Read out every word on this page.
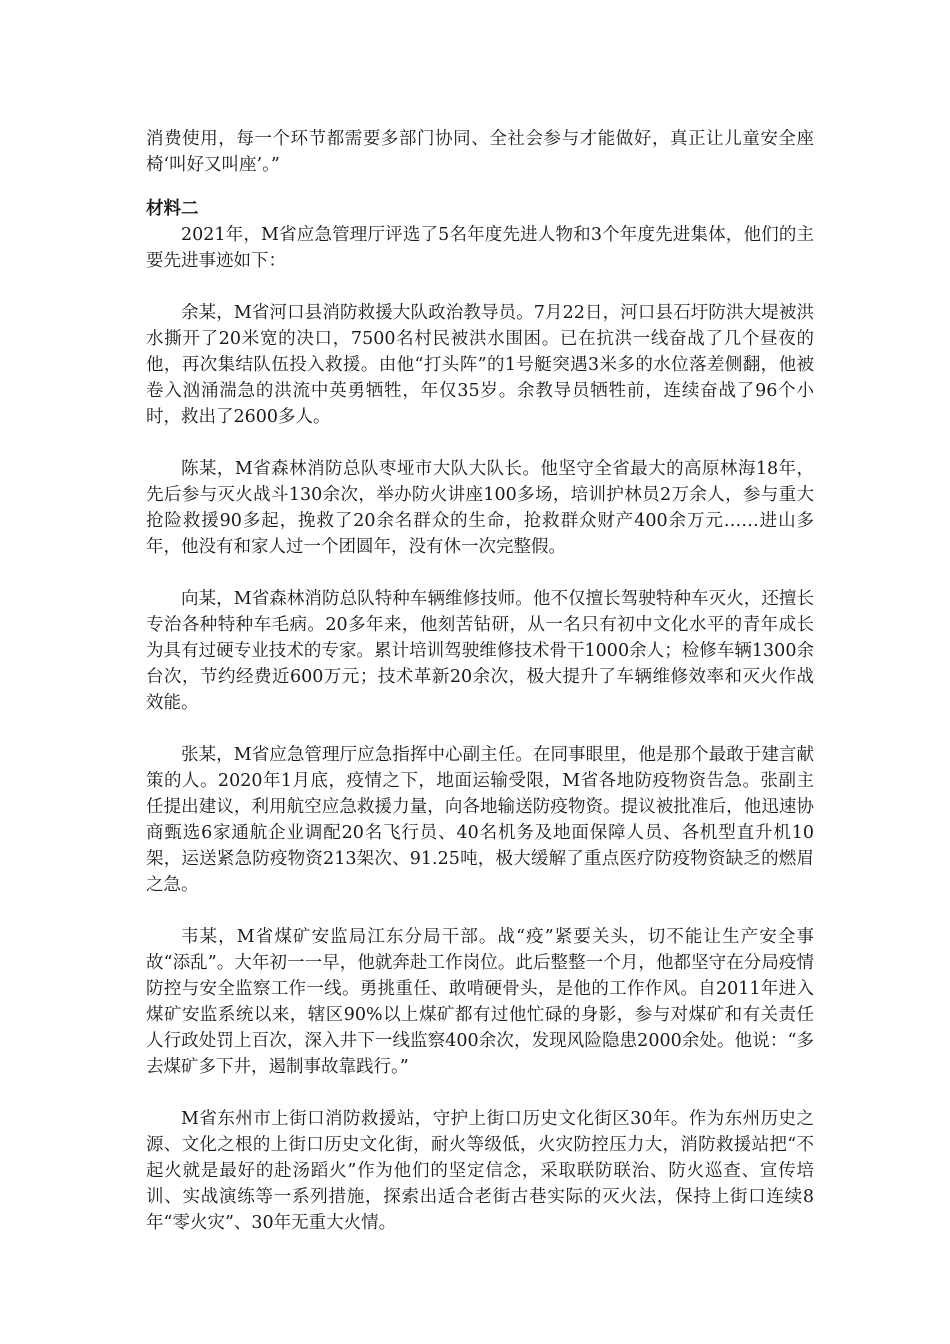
消费使用，每一个环节都需要多部门协同、全社会参与才能做好，真正让儿童安全座椅‘叫好又叫座’。”

材料二

2021年，M省应急管理厅评选了5名年度先进人物和3个年度先进集体，他们的主要先进事迹如下：

余某，M省河口县消防救援大队政治教导员。7月22日，河口县石圩防洪大堤被洪水撕开了20米宽的决口，7500名村民被洪水围困。已在抗洪一线奋战了几个昼夜的他，再次集结队伍投入救援。由他“打头阵”的1号艇突遇3米多的水位落差侧翻，他被卷入汹涌湍急的洪流中英勇牺牲，年仅35岁。余教导员牺牲前，连续奋战了96个小时，救出了2600多人。

陈某，M省森林消防总队枣垭市大队大队长。他坚守全省最大的高原林海18年，先后参与灭火战斗130余次，举办防火讲座100多场，培训护林员2万余人，参与重大抢险救援90多起，挽救了20余名群众的生命，抢救群众财产400余万元……进山多年，他没有和家人过一个团圆年，没有休一次完整假。

向某，M省森林消防总队特种车辆维修技师。他不仅擅长驾驶特种车灭火，还擅长专治各种特种车毛病。20多年来，他刻苦钻研，从一名只有初中文化水平的青年成长为具有过硬专业技术的专家。累计培训驾驶维修技术骨干1000余人；检修车辆1300余台次，节约经费近600万元；技术革新20余次，极大提升了车辆维修效率和灭火作战效能。

张某，M省应急管理厅应急指挥中心副主任。在同事眼里，他是那个最敢于建言献策的人。2020年1月底，疫情之下，地面运输受限，M省各地防疫物资告急。张副主任提出建议，利用航空应急救援力量，向各地输送防疫物资。提议被批准后，他迅速协商甄选6家通航企业调配20名飞行员、40名机务及地面保障人员、各机型直升机10架，运送紧急防疫物资213架次、91.25吨，极大缓解了重点医疗防疫物资缺乏的燃眉之急。

韦某，M省煤矿安监局江东分局干部。战“疫”紧要关头，切不能让生产安全事故“添乱”。大年初一一早，他就奔赴工作岗位。此后整整一个月，他都坚守在分局疫情防控与安全监察工作一线。勇挑重任、敢啃硬骨头，是他的工作作风。自2011年进入煤矿安监系统以来，辖区90%以上煤矿都有过他忙碌的身影，参与对煤矿和有关责任人行政处罚上百次，深入井下一线监察400余次，发现风险隐患2000余处。他说：“多去煤矿多下井，遏制事故靠践行。”

M省东州市上街口消防救援站，守护上街口历史文化街区30年。作为东州历史之源、文化之根的上街口历史文化街，耐火等级低，火灾防控压力大，消防救援站把“不起火就是最好的赴汤蹈火”作为他们的坚定信念，采取联防联治、防火巡查、宣传培训、实战演练等一系列措施，探索出适合老街古巷实际的灭火法，保持上街口连续8年“零火灾”、30年无重大火情。
